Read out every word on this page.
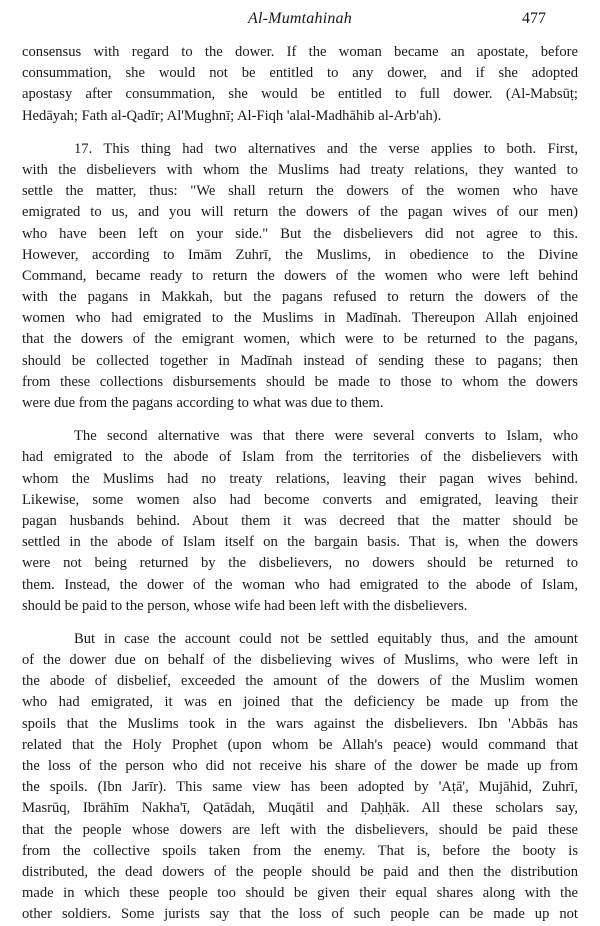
Al-Mumtahinah	477
consensus with regard to the dower. If the woman became an apostate, before
consummation, she would not be entitled to any dower, and if she adopted
apostasy after consummation, she would be entitled to full dower. (Al-Mabsūṭ;
Hedāyah; Fath al-Qadīr; Al'Mughnī; Al-Fiqh 'alal-Madhāhib al-Arb'ah).
17. This thing had two alternatives and the verse applies to both. First,
with the disbelievers with whom the Muslims had treaty relations, they wanted to
settle the matter, thus: "We shall return the dowers of the women who have
emigrated to us, and you will return the dowers of the pagan wives of our men)
who have been left on your side." But the disbelievers did not agree to this.
However, according to Imām Zuhrī, the Muslims, in obedience to the Divine
Command, became ready to return the dowers of the women who were left behind
with the pagans in Makkah, but the pagans refused to return the dowers of the
women who had emigrated to the Muslims in Madīnah. Thereupon Allah enjoined
that the dowers of the emigrant women, which were to be returned to the pagans,
should be collected together in Madīnah instead of sending these to pagans; then
from these collections disbursements should be made to those to whom the dowers
were due from the pagans according to what was due to them.
The second alternative was that there were several converts to Islam, who
had emigrated to the abode of Islam from the territories of the disbelievers with
whom the Muslims had no treaty relations, leaving their pagan wives behind.
Likewise, some women also had become converts and emigrated, leaving their
pagan husbands behind. About them it was decreed that the matter should be
settled in the abode of Islam itself on the bargain basis. That is, when the dowers
were not being returned by the disbelievers, no dowers should be returned to
them. Instead, the dower of the woman who had emigrated to the abode of Islam,
should be paid to the person, whose wife had been left with the disbelievers.
But in case the account could not be settled equitably thus, and the amount
of the dower due on behalf of the disbelieving wives of Muslims, who were left in
the abode of disbelief, exceeded the amount of the dowers of the Muslim women
who had emigrated, it was en joined that the deficiency be made up from the
spoils that the Muslims took in the wars against the disbelievers. Ibn 'Abbās has
related that the Holy Prophet (upon whom be Allah's peace) would command that
the loss of the person who did not receive his share of the dower be made up from
the spoils. (Ibn Jarīr). This same view has been adopted by 'Aṭā', Mujāhid, Zuhrī,
Masrūq, Ibrāhīm Nakha'ī, Qatādah, Muqātil and Ḍaḥḥāk. All these scholars say,
that the people whose dowers are left with the disbelievers, should be paid these
from the collective spoils taken from the enemy. That is, before the booty is
distributed, the dead dowers of the people should be paid and then the distribution
made in which these people too should be given their equal shares along with the
other soldiers. Some jurists say that the loss of such people can be made up not
